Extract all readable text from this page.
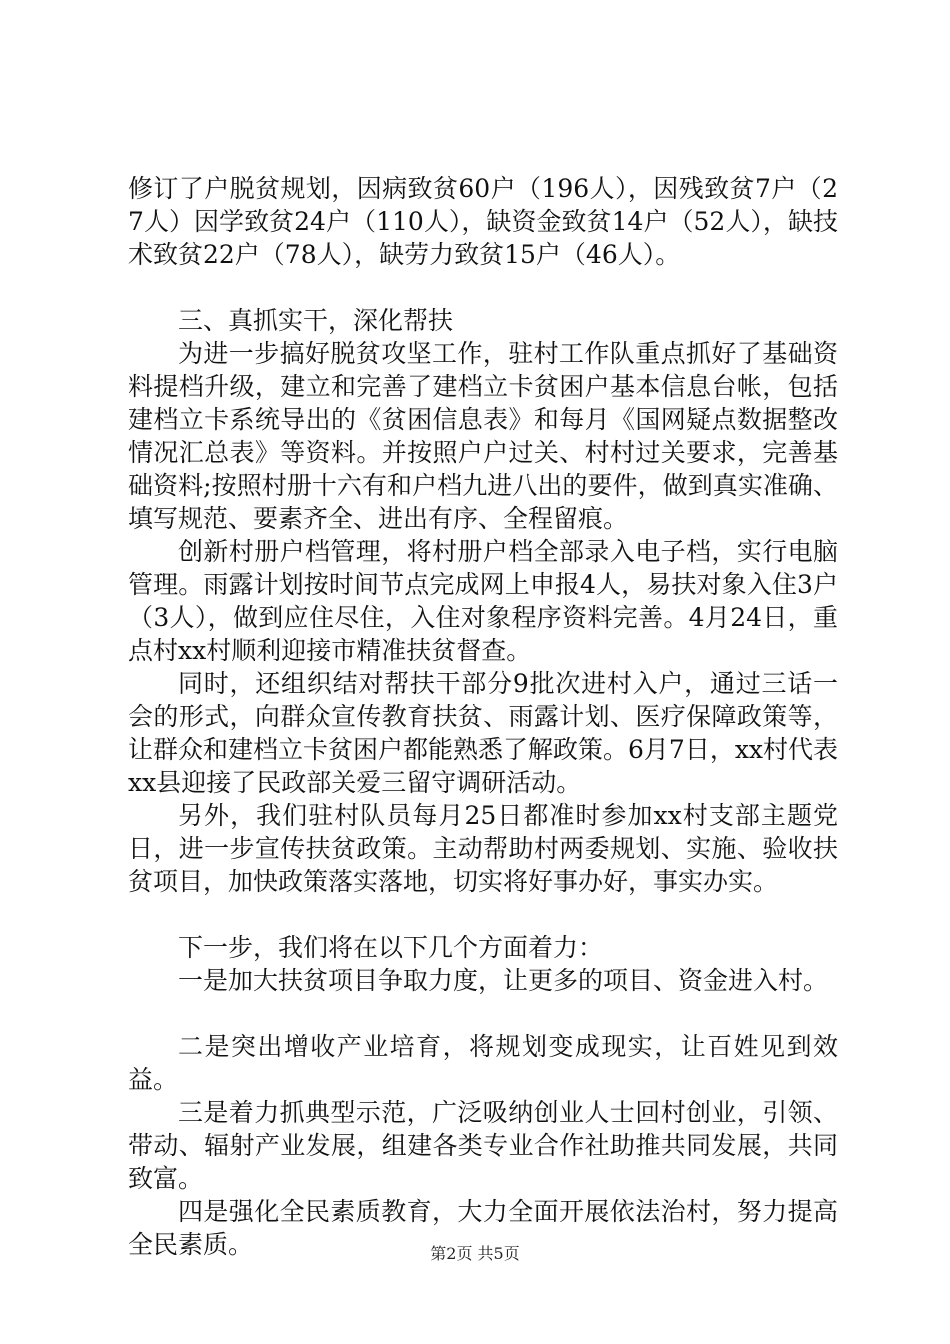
修订了户脱贫规划，因病致贫60户（196人），因残致贫7户（27人）因学致贫24户（110人），缺资金致贫14户（52人），缺技术致贫22户（78人），缺劳力致贫15户（46人）。

三、真抓实干，深化帮扶

为进一步搞好脱贫攻坚工作，驻村工作队重点抓好了基础资料提档升级，建立和完善了建档立卡贫困户基本信息台帐，包括建档立卡系统导出的《贫困信息表》和每月《国网疑点数据整改情况汇总表》等资料。并按照户户过关、村村过关要求，完善基础资料;按照村册十六有和户档九进八出的要件，做到真实准确、填写规范、要素齐全、进出有序、全程留痕。

创新村册户档管理，将村册户档全部录入电子档，实行电脑管理。雨露计划按时间节点完成网上申报4人，易扶对象入住3户（3人），做到应住尽住，入住对象程序资料完善。4月24日，重点村xx村顺利迎接市精准扶贫督查。

同时，还组织结对帮扶干部分9批次进村入户，通过三话一会的形式，向群众宣传教育扶贫、雨露计划、医疗保障政策等，让群众和建档立卡贫困户都能熟悉了解政策。6月7日，xx村代表xx县迎接了民政部关爱三留守调研活动。

另外，我们驻村队员每月25日都准时参加xx村支部主题党日，进一步宣传扶贫政策。主动帮助村两委规划、实施、验收扶贫项目，加快政策落实落地，切实将好事办好，事实办实。

下一步，我们将在以下几个方面着力：

一是加大扶贫项目争取力度，让更多的项目、资金进入村。

二是突出增收产业培育，将规划变成现实，让百姓见到效益。

三是着力抓典型示范，广泛吸纳创业人士回村创业，引领、带动、辐射产业发展，组建各类专业合作社助推共同发展，共同致富。

四是强化全民素质教育，大力全面开展依法治村，努力提高全民素质。	第2页 共5页
